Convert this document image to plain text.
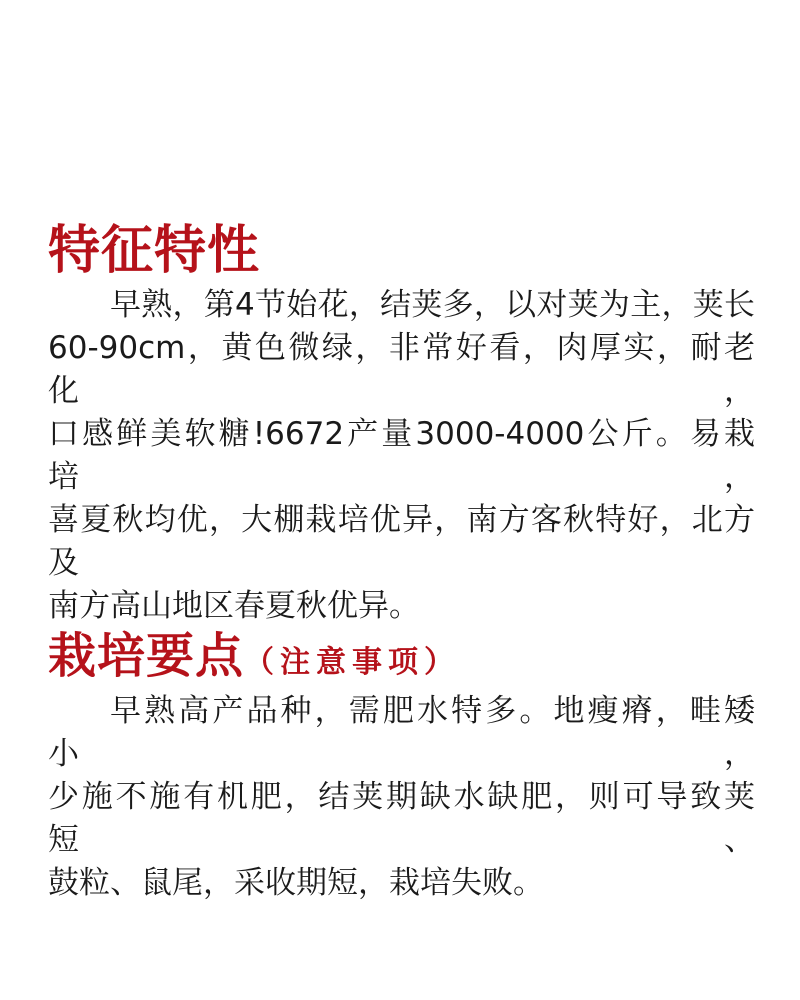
特征特性

早熟，第4节始花，结荚多，以对荚为主，荚长
60-90cm，黄色微绿，非常好看，肉厚实，耐老化，
口感鲜美软糖!6672产量3000-4000公斤。易栽培，
喜夏秋均优，大棚栽培优异，南方客秋特好，北方及
南方高山地区春夏秋优异。

栽培要点（注意事项）

早熟高产品种，需肥水特多。地瘦瘠，畦矮小，
少施不施有机肥，结荚期缺水缺肥，则可导致荚短、
鼓粒、鼠尾，采收期短，栽培失败。
